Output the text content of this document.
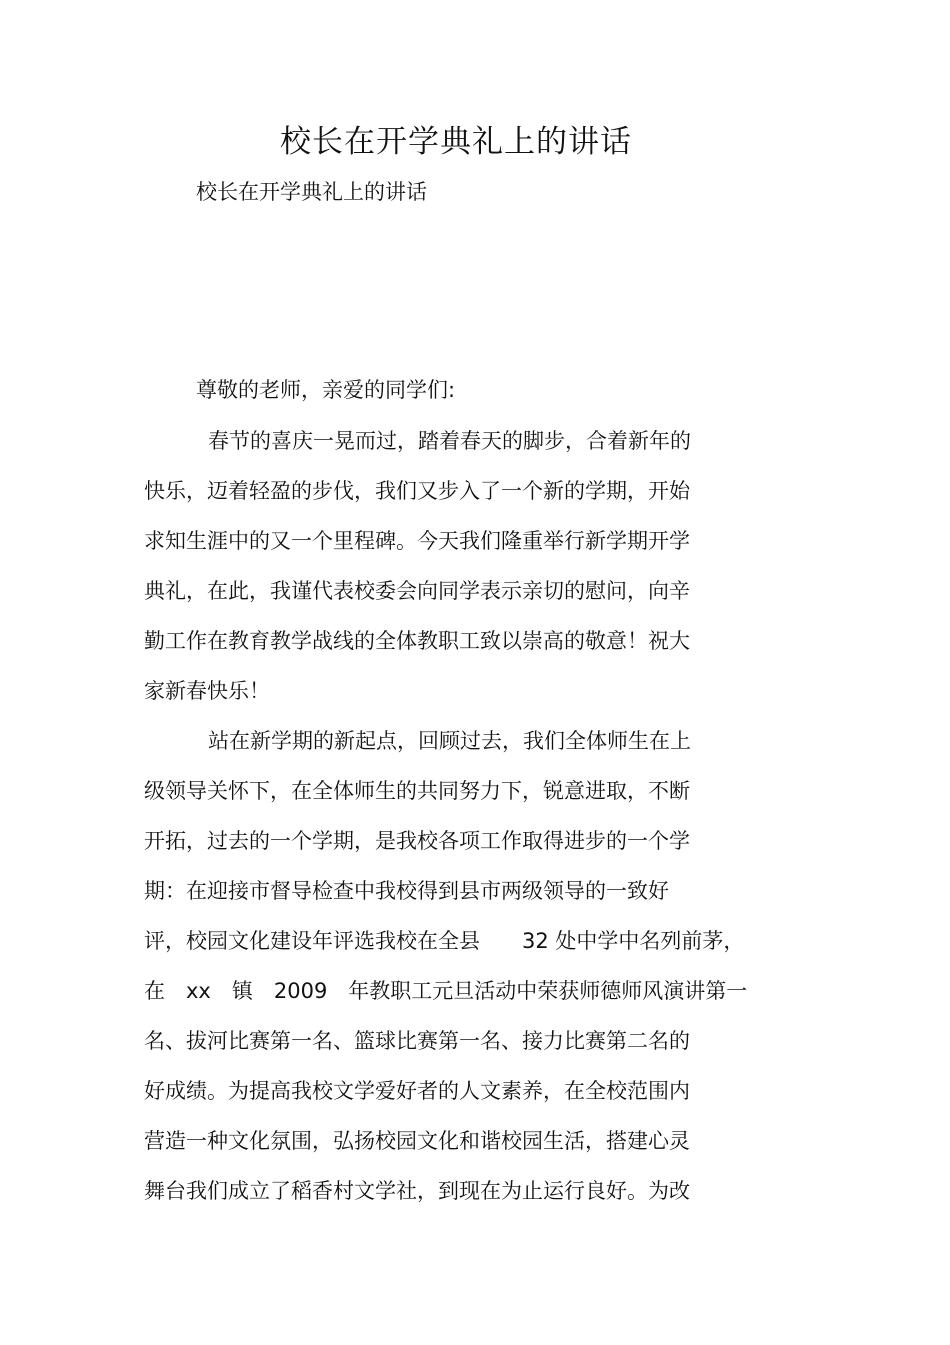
校长在开学典礼上的讲话
校长在开学典礼上的讲话
尊敬的老师，亲爱的同学们:
春节的喜庆一晃而过，踏着春天的脚步，合着新年的
快乐，迈着轻盈的步伐，我们又步入了一个新的学期，开始
求知生涯中的又一个里程碑。今天我们隆重举行新学期开学
典礼，在此，我谨代表校委会向同学表示亲切的慰问，向辛
勤工作在教育教学战线的全体教职工致以崇高的敬意！祝大
家新春快乐！
站在新学期的新起点，回顾过去，我们全体师生在上
级领导关怀下，在全体师生的共同努力下，锐意进取，不断
开拓，过去的一个学期，是我校各项工作取得进步的一个学
期：在迎接市督导检查中我校得到县市两级领导的一致好
评，校园文化建设年评选我校在全县　　32 处中学中名列前茅，
在　xx　镇　2009　年教职工元旦活动中荣获师德师风演讲第一
名、拔河比赛第一名、篮球比赛第一名、接力比赛第二名的
好成绩。为提高我校文学爱好者的人文素养，在全校范围内
营造一种文化氛围，弘扬校园文化和谐校园生活，搭建心灵
舞台我们成立了稻香村文学社，到现在为止运行良好。为改
